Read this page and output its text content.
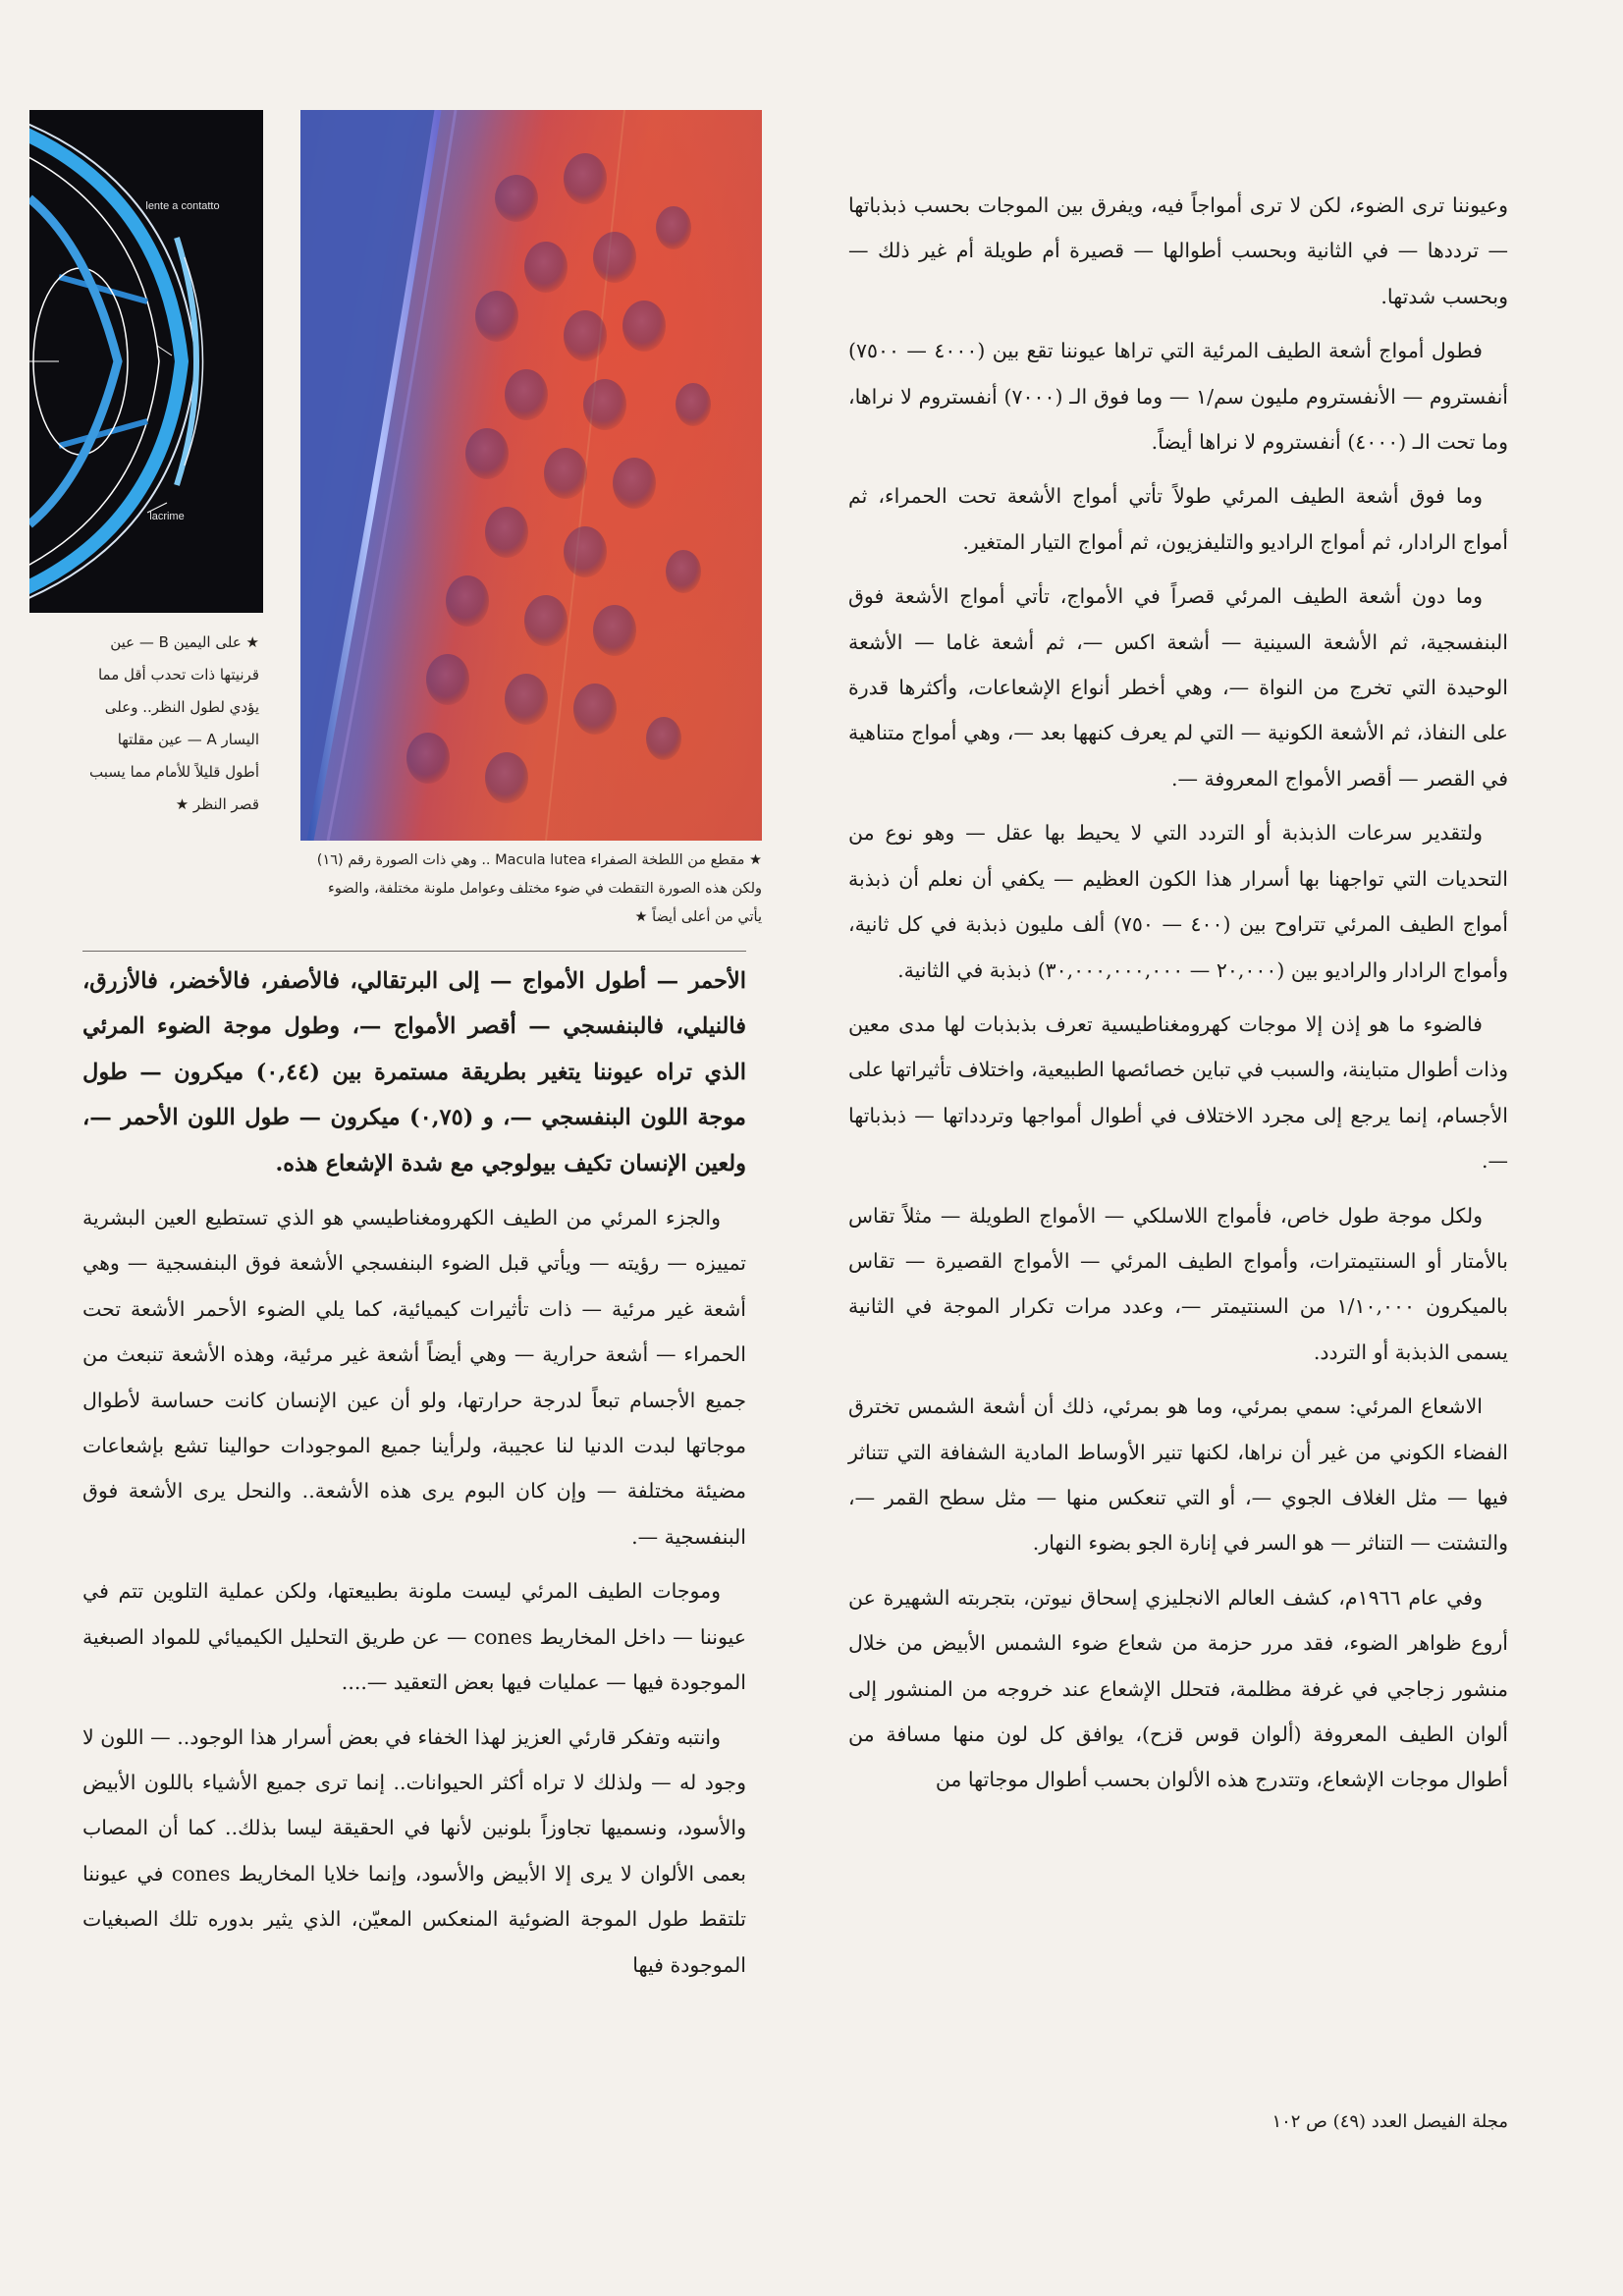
lente a contatto
lacrime
★ على اليمين B — عين قرنيتها ذات تحدب أقل مما يؤدي لطول النظر.. وعلى اليسار A — عين مقلتها أطول قليلاً للأمام مما يسبب قصر النظر ★
★ مقطع من اللطخة الصفراء Macula lutea .. وهي ذات الصورة رقم (١٦) ولكن هذه الصورة التقطت في ضوء مختلف وعوامل ملونة مختلفة، والضوء يأتي من أعلى أيضاً ★

وعيوننا ترى الضوء، لكن لا ترى أمواجاً فيه، ويفرق بين الموجات بحسب ذبذباتها — ترددها — في الثانية وبحسب أطوالها — قصيرة أم طويلة أم غير ذلك — وبحسب شدتها.

فطول أمواج أشعة الطيف المرئية التي تراها عيوننا تقع بين (٤٠٠٠ — ٧٥٠٠) أنفستروم — الأنفستروم مليون سم/١ — وما فوق الـ (٧٠٠٠) أنفستروم لا نراها، وما تحت الـ (٤٠٠٠) أنفستروم لا نراها أيضاً.

وما فوق أشعة الطيف المرئي طولاً تأتي أمواج الأشعة تحت الحمراء، ثم أمواج الرادار، ثم أمواج الراديو والتليفزيون، ثم أمواج التيار المتغير.

وما دون أشعة الطيف المرئي قصراً في الأمواج، تأتي أمواج الأشعة فوق البنفسجية، ثم الأشعة السينية — أشعة اكس —، ثم أشعة غاما — الأشعة الوحيدة التي تخرج من النواة —، وهي أخطر أنواع الإشعاعات، وأكثرها قدرة على النفاذ، ثم الأشعة الكونية — التي لم يعرف كنهها بعد —، وهي أمواج متناهية في القصر — أقصر الأمواج المعروفة —.

ولتقدير سرعات الذبذبة أو التردد التي لا يحيط بها عقل — وهو نوع من التحديات التي تواجهنا بها أسرار هذا الكون العظيم — يكفي أن نعلم أن ذبذبة أمواج الطيف المرئي تتراوح بين (٤٠٠ — ٧٥٠) ألف مليون ذبذبة في كل ثانية، وأمواج الرادار والراديو بين (٢٠,٠٠٠ — ٣٠,٠٠٠,٠٠٠,٠٠٠) ذبذبة في الثانية.

فالضوء ما هو إذن إلا موجات كهرومغناطيسية تعرف بذبذبات لها مدى معين وذات أطوال متباينة، والسبب في تباين خصائصها الطبيعية، واختلاف تأثيراتها على الأجسام، إنما يرجع إلى مجرد الاختلاف في أطوال أمواجها وتردداتها — ذبذباتها —.

ولكل موجة طول خاص، فأمواج اللاسلكي — الأمواج الطويلة — مثلاً تقاس بالأمتار أو السنتيمترات، وأمواج الطيف المرئي — الأمواج القصيرة — تقاس بالميكرون ١/١٠,٠٠٠ من السنتيمتر —، وعدد مرات تكرار الموجة في الثانية يسمى الذبذبة أو التردد.

الاشعاع المرئي: سمي بمرئي، وما هو بمرئي، ذلك أن أشعة الشمس تخترق الفضاء الكوني من غير أن نراها، لكنها تنير الأوساط المادية الشفافة التي تتناثر فيها — مثل الغلاف الجوي —، أو التي تنعكس منها — مثل سطح القمر —، والتشتت — التناثر — هو السر في إنارة الجو بضوء النهار.

وفي عام ١٩٦٦م، كشف العالم الانجليزي إسحاق نيوتن، بتجربته الشهيرة عن أروع ظواهر الضوء، فقد مرر حزمة من شعاع ضوء الشمس الأبيض من خلال منشور زجاجي في غرفة مظلمة، فتحلل الإشعاع عند خروجه من المنشور إلى ألوان الطيف المعروفة (ألوان قوس قزح)، يوافق كل لون منها مسافة من أطوال موجات الإشعاع، وتتدرج هذه الألوان بحسب أطوال موجاتها من

الأحمر — أطول الأمواج — إلى البرتقالي، فالأصفر، فالأخضر، فالأزرق، فالنيلي، فالبنفسجي — أقصر الأمواج —، وطول موجة الضوء المرئي الذي تراه عيوننا يتغير بطريقة مستمرة بين (٠,٤٤) ميكرون — طول موجة اللون البنفسجي —، و (٠,٧٥) ميكرون — طول اللون الأحمر —، ولعين الإنسان تكيف بيولوجي مع شدة الإشعاع هذه.

والجزء المرئي من الطيف الكهرومغناطيسي هو الذي تستطيع العين البشرية تمييزه — رؤيته — ويأتي قبل الضوء البنفسجي الأشعة فوق البنفسجية — وهي أشعة غير مرئية — ذات تأثيرات كيميائية، كما يلي الضوء الأحمر الأشعة تحت الحمراء — أشعة حرارية — وهي أيضاً أشعة غير مرئية، وهذه الأشعة تنبعث من جميع الأجسام تبعاً لدرجة حرارتها، ولو أن عين الإنسان كانت حساسة لأطوال موجاتها لبدت الدنيا لنا عجيبة، ولرأينا جميع الموجودات حوالينا تشع بإشعاعات مضيئة مختلفة — وإن كان البوم يرى هذه الأشعة.. والنحل يرى الأشعة فوق البنفسجية —.

وموجات الطيف المرئي ليست ملونة بطبيعتها، ولكن عملية التلوين تتم في عيوننا — داخل المخاريط cones — عن طريق التحليل الكيميائي للمواد الصبغية الموجودة فيها — عمليات فيها بعض التعقيد —....

وانتبه وتفكر قارئي العزيز لهذا الخفاء في بعض أسرار هذا الوجود.. — اللون لا وجود له — ولذلك لا تراه أكثر الحيوانات.. إنما ترى جميع الأشياء باللون الأبيض والأسود، ونسميها تجاوزاً بلونين لأنها في الحقيقة ليسا بذلك.. كما أن المصاب بعمى الألوان لا يرى إلا الأبيض والأسود، وإنما خلايا المخاريط cones في عيوننا تلتقط طول الموجة الضوئية المنعكس المعيّن، الذي يثير بدوره تلك الصبغيات الموجودة فيها

مجلة الفيصل العدد (٤٩) ص ١٠٢
